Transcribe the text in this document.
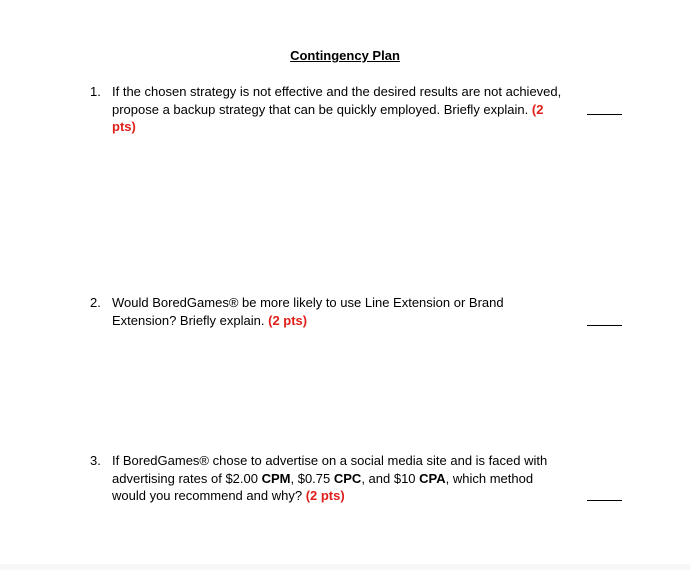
Contingency Plan
1. If the chosen strategy is not effective and the desired results are not achieved, propose a backup strategy that can be quickly employed. Briefly explain. (2 pts)
2. Would BoredGames® be more likely to use Line Extension or Brand Extension? Briefly explain. (2 pts)
3. If BoredGames® chose to advertise on a social media site and is faced with advertising rates of $2.00 CPM, $0.75 CPC, and $10 CPA, which method would you recommend and why? (2 pts)
